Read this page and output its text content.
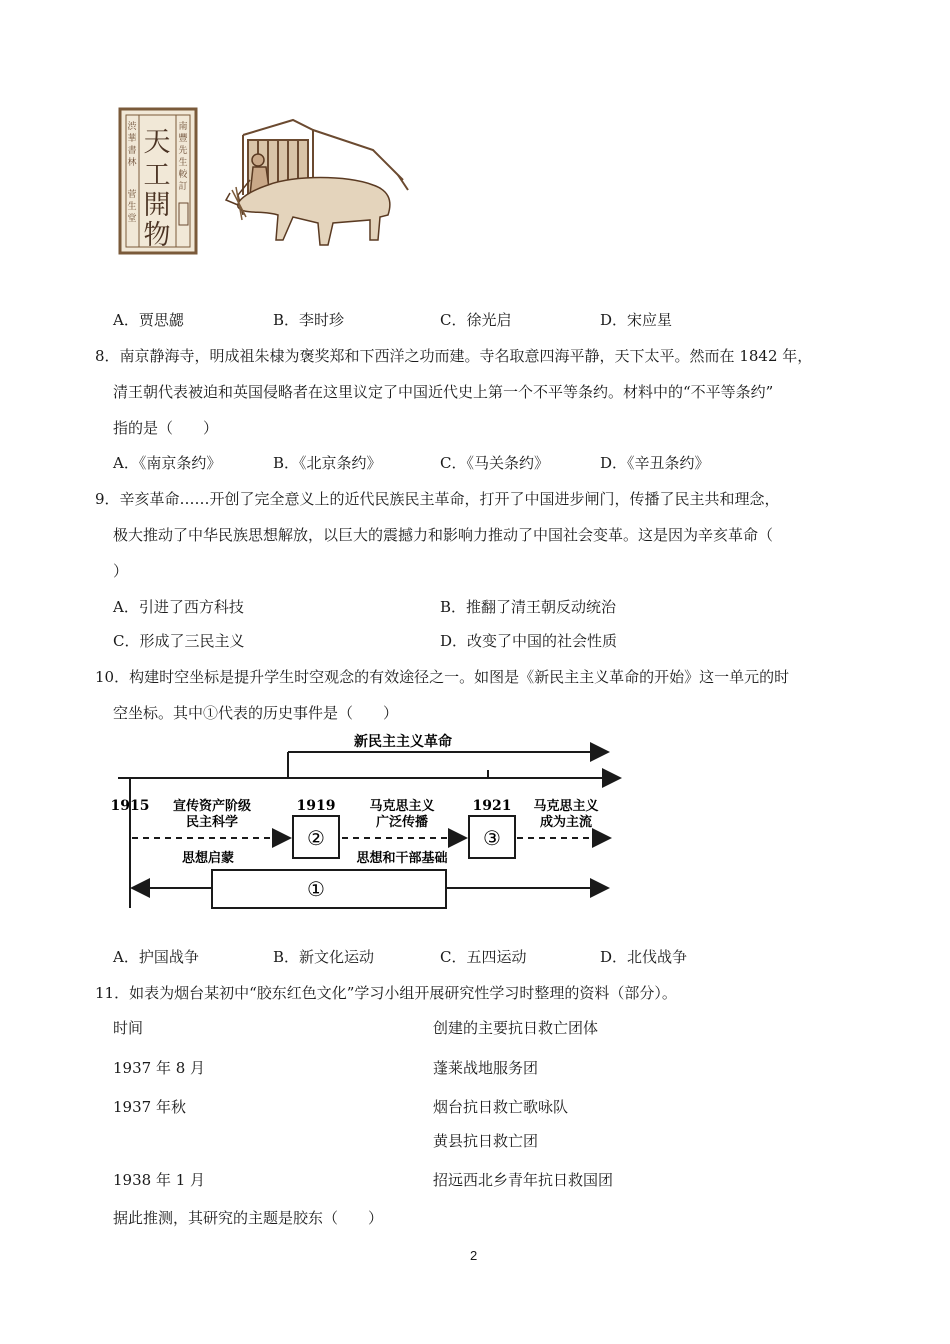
天
工
開
物
南
豐
先
生
較
訂
渋
華
書
林
菅
生
堂
A．贾思勰	B．李时珍	C．徐光启	D．宋应星
8．南京静海寺，明成祖朱棣为褒奖郑和下西洋之功而建。寺名取意四海平静，天下太平。然而在 1842 年，
清王朝代表被迫和英国侵略者在这里议定了中国近代史上第一个不平等条约。材料中的“不平等条约”
指的是（　　）
A．《南京条约》	B．《北京条约》	C．《马关条约》	D．《辛丑条约》
9．辛亥革命……开创了完全意义上的近代民族民主革命，打开了中国进步闸门，传播了民主共和理念，
极大推动了中华民族思想解放，以巨大的震撼力和影响力推动了中国社会变革。这是因为辛亥革命（
）
A．引进了西方科技	B．推翻了清王朝反动统治
C．形成了三民主义	D．改变了中国的社会性质
10．构建时空坐标是提升学生时空观念的有效途径之一。如图是《新民主主义革命的开始》这一单元的时
空坐标。其中①代表的历史事件是（　　）
新民主主义革命
1915	1919	1921
宣传资产阶级
民主科学
马克思主义
广泛传播
马克思主义
成为主流
②	③
思想启蒙	思想和干部基础
①
A．护国战争	B．新文化运动	C．五四运动	D．北伐战争
11．如表为烟台某初中“胶东红色文化”学习小组开展研究性学习时整理的资料（部分）。
时间	创建的主要抗日救亡团体
1937 年 8 月	蓬莱战地服务团
1937 年秋	烟台抗日救亡歌咏队
黄县抗日救亡团
1938 年 1 月	招远西北乡青年抗日救国团
据此推测，其研究的主题是胶东（　　）
2
